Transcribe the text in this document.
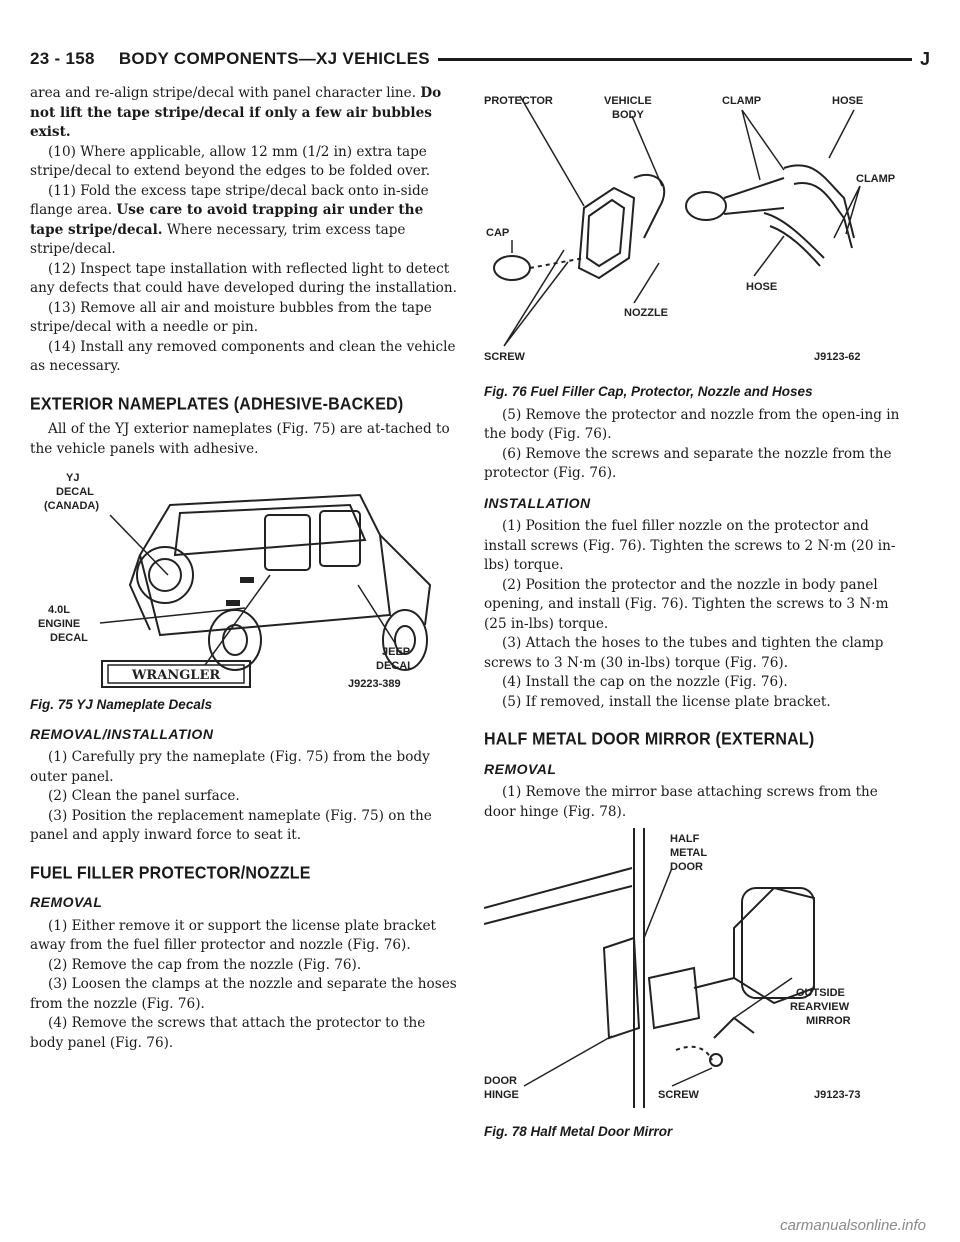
23 - 158 BODY COMPONENTS—XJ VEHICLES	J

area and re-align stripe/decal with panel character line. Do not lift the tape stripe/decal if only a few air bubbles exist.

(10) Where applicable, allow 12 mm (1/2 in) extra tape stripe/decal to extend beyond the edges to be folded over.

(11) Fold the excess tape stripe/decal back onto in-side flange area. Use care to avoid trapping air under the tape stripe/decal. Where necessary, trim excess tape stripe/decal.

(12) Inspect tape installation with reflected light to detect any defects that could have developed during the installation.

(13) Remove all air and moisture bubbles from the tape stripe/decal with a needle or pin.

(14) Install any removed components and clean the vehicle as necessary.

EXTERIOR NAMEPLATES (ADHESIVE-BACKED)

All of the YJ exterior nameplates (Fig. 75) are at-tached to the vehicle panels with adhesive.

WRANGLER
YJ
DECAL
(CANADA)
4.0L
ENGINE
DECAL
JEEP
DECAL
J9223-389
Fig. 75 YJ Nameplate Decals
REMOVAL/INSTALLATION

(1) Carefully pry the nameplate (Fig. 75) from the body outer panel.

(2) Clean the panel surface.

(3) Position the replacement nameplate (Fig. 75) on the panel and apply inward force to seat it.

FUEL FILLER PROTECTOR/NOZZLE
REMOVAL

(1) Either remove it or support the license plate bracket away from the fuel filler protector and nozzle (Fig. 76).

(2) Remove the cap from the nozzle (Fig. 76).

(3) Loosen the clamps at the nozzle and separate the hoses from the nozzle (Fig. 76).

(4) Remove the screws that attach the protector to the body panel (Fig. 76).

PROTECTOR	VEHICLE
BODY
CLAMP	HOSE
CLAMP
CAP
HOSE
NOZZLE
SCREW	J9123-62
Fig. 76 Fuel Filler Cap, Protector, Nozzle and Hoses

(5) Remove the protector and nozzle from the open-ing in the body (Fig. 76).

(6) Remove the screws and separate the nozzle from the protector (Fig. 76).

INSTALLATION

(1) Position the fuel filler nozzle on the protector and install screws (Fig. 76). Tighten the screws to 2 N·m (20 in-lbs) torque.

(2) Position the protector and the nozzle in body panel opening, and install (Fig. 76). Tighten the screws to 3 N·m (25 in-lbs) torque.

(3) Attach the hoses to the tubes and tighten the clamp screws to 3 N·m (30 in-lbs) torque (Fig. 76).

(4) Install the cap on the nozzle (Fig. 76).

(5) If removed, install the license plate bracket.

HALF METAL DOOR MIRROR (EXTERNAL)
REMOVAL

(1) Remove the mirror base attaching screws from the door hinge (Fig. 78).

HALF
METAL
DOOR
OUTSIDE
REARVIEW
MIRROR
DOOR
HINGE	SCREW	J9123-73
Fig. 78 Half Metal Door Mirror
carmanualsonline.info
